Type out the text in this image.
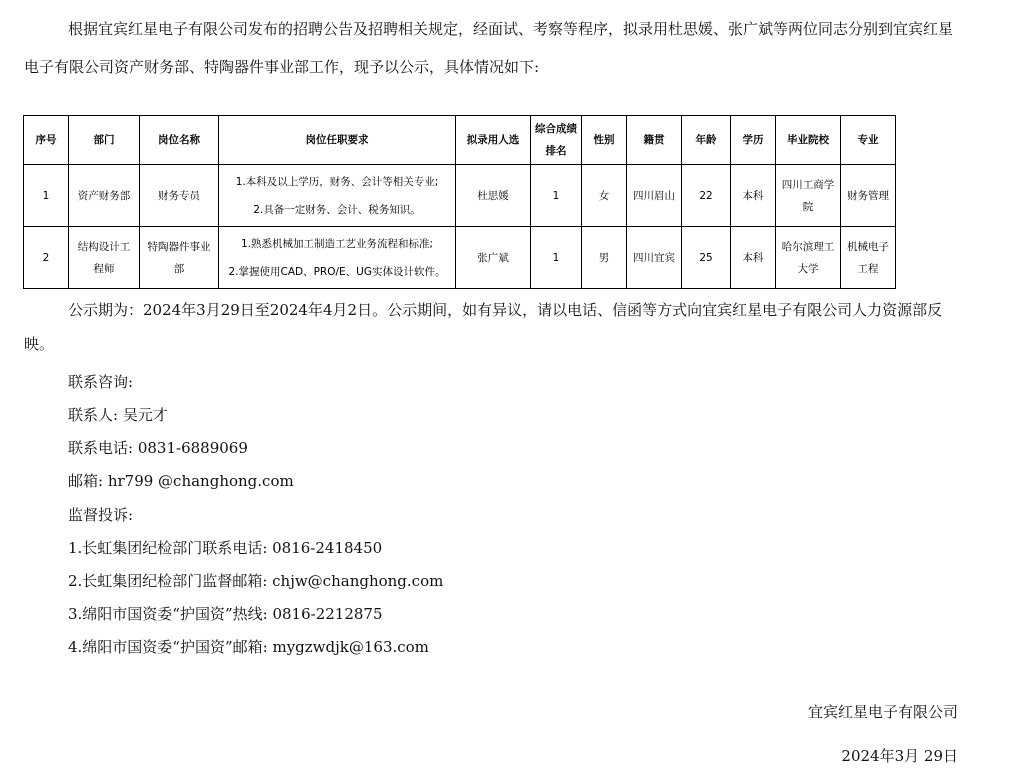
根据宜宾红星电子有限公司发布的招聘公告及招聘相关规定，经面试、考察等程序，拟录用杜思媛、张广斌等两位同志分别到宜宾红星电子有限公司资产财务部、特陶器件事业部工作，现予以公示，具体情况如下:

序号	部门	岗位名称	岗位任职要求	拟录用人选	综合成绩排名	性别	籍贯	年龄	学历	毕业院校	专业
1	资产财务部	财务专员	1.本科及以上学历，财务、会计等相关专业;
2.具备一定财务、会计、税务知识。	杜思媛	1	女	四川眉山	22	本科	四川工商学院	财务管理
2	结构设计工程师	特陶器件事业部	1.熟悉机械加工制造工艺业务流程和标准;
2.掌握使用CAD、PRO/E、UG实体设计软件。	张广斌	1	男	四川宜宾	25	本科	哈尔滨理工大学	机械电子工程

公示期为：2024年3月29日至2024年4月2日。公示期间，如有异议，请以电话、信函等方式向宜宾红星电子有限公司人力资源部反映。

联系咨询:

联系人: 吴元才

联系电话: 0831-6889069

邮箱: hr799 @changhong.com

监督投诉:

1.长虹集团纪检部门联系电话: 0816-2418450

2.长虹集团纪检部门监督邮箱: chjw@changhong.com

3.绵阳市国资委“护国资”热线: 0816-2212875

4.绵阳市国资委“护国资”邮箱: mygzwdjk@163.com

宜宾红星电子有限公司
2024年3月 29日
